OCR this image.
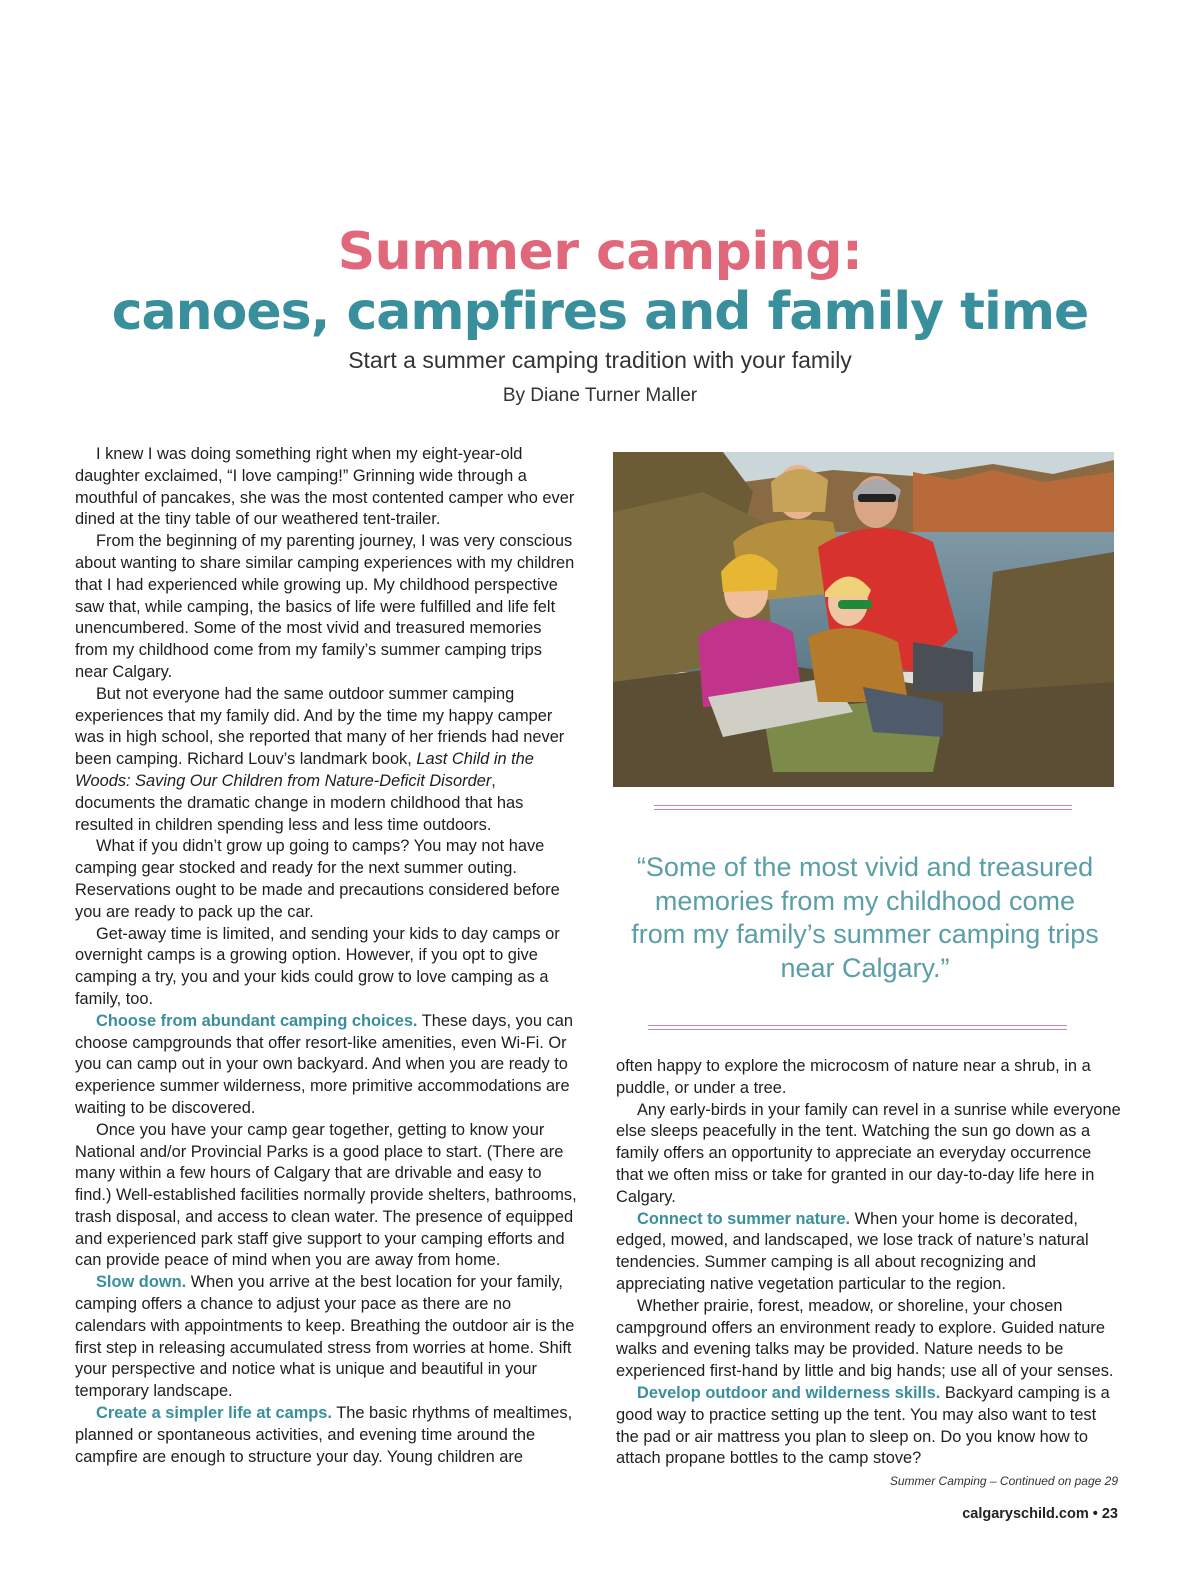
Summer camping:
canoes, campfires and family time
Start a summer camping tradition with your family
By Diane Turner Maller

I knew I was doing something right when my eight-year-old daughter exclaimed, “I love camping!” Grinning wide through a mouthful of pancakes, she was the most contented camper who ever dined at the tiny table of our weathered tent-trailer.

From the beginning of my parenting journey, I was very conscious about wanting to share similar camping experiences with my children that I had experienced while growing up. My childhood perspective saw that, while camping, the basics of life were fulfilled and life felt unencumbered. Some of the most vivid and treasured memories from my childhood come from my family’s summer camping trips near Calgary.

But not everyone had the same outdoor summer camping experiences that my family did. And by the time my happy camper was in high school, she reported that many of her friends had never been camping. Richard Louv’s landmark book, Last Child in the Woods: Saving Our Children from Nature-Deficit Disorder, documents the dramatic change in modern childhood that has resulted in children spending less and less time outdoors.

What if you didn’t grow up going to camps? You may not have camping gear stocked and ready for the next summer outing. Reservations ought to be made and precautions considered before you are ready to pack up the car.

Get-away time is limited, and sending your kids to day camps or overnight camps is a growing option. However, if you opt to give camping a try, you and your kids could grow to love camping as a family, too.

Choose from abundant camping choices. These days, you can choose campgrounds that offer resort-like amenities, even Wi-Fi. Or you can camp out in your own backyard. And when you are ready to experience summer wilderness, more primitive accommodations are waiting to be discovered.

Once you have your camp gear together, getting to know your National and/or Provincial Parks is a good place to start. (There are many within a few hours of Calgary that are drivable and easy to find.) Well-established facilities normally provide shelters, bathrooms, trash disposal, and access to clean water. The presence of equipped and experienced park staff give support to your camping efforts and can provide peace of mind when you are away from home.

Slow down. When you arrive at the best location for your family, camping offers a chance to adjust your pace as there are no calendars with appointments to keep. Breathing the outdoor air is the first step in releasing accumulated stress from worries at home. Shift your perspective and notice what is unique and beautiful in your temporary landscape.

Create a simpler life at camps. The basic rhythms of mealtimes, planned or spontaneous activities, and evening time around the campfire are enough to structure your day. Young children are

“Some of the most vivid and treasured memories from my childhood come from my family’s summer camping trips near Calgary.”

often happy to explore the microcosm of nature near a shrub, in a puddle, or under a tree.

Any early-birds in your family can revel in a sunrise while everyone else sleeps peacefully in the tent. Watching the sun go down as a family offers an opportunity to appreciate an everyday occurrence that we often miss or take for granted in our day-to-day life here in Calgary.

Connect to summer nature. When your home is decorated, edged, mowed, and landscaped, we lose track of nature’s natural tendencies. Summer camping is all about recognizing and appreciating native vegetation particular to the region.

Whether prairie, forest, meadow, or shoreline, your chosen campground offers an environment ready to explore. Guided nature walks and evening talks may be provided. Nature needs to be experienced first-hand by little and big hands; use all of your senses.

Develop outdoor and wilderness skills. Backyard camping is a good way to practice setting up the tent. You may also want to test the pad or air mattress you plan to sleep on. Do you know how to attach propane bottles to the camp stove?

Summer Camping – Continued on page 29
calgaryschild.com • 23
